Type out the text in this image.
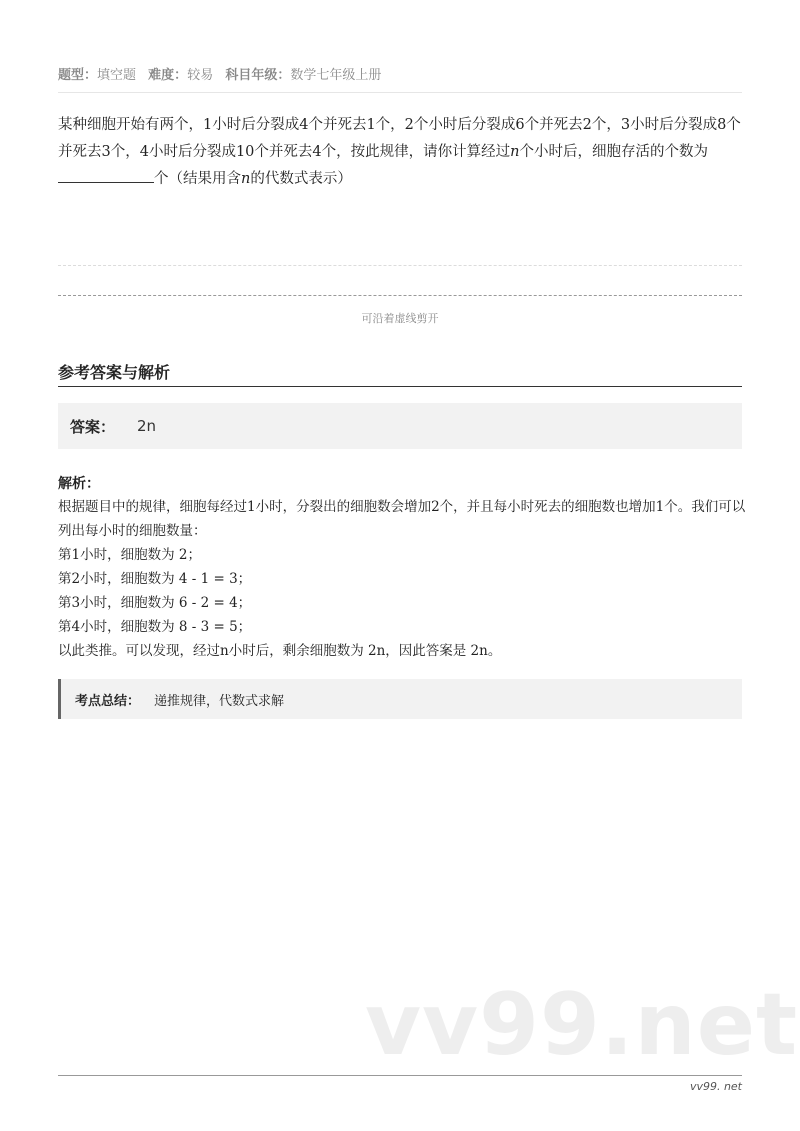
题型：填空题 难度：较易 科目年级：数学七年级上册
某种细胞开始有两个，1小时后分裂成4个并死去1个，2个小时后分裂成6个并死去2个，3小时后分裂成8个并死去3个，4小时后分裂成10个并死去4个，按此规律，请你计算经过n个小时后，细胞存活的个数为个（结果用含n的代数式表示）
可沿着虚线剪开
参考答案与解析
答案： 2n
解析：
根据题目中的规律，细胞每经过1小时，分裂出的细胞数会增加2个，并且每小时死去的细胞数也增加1个。我们可以列出每小时的细胞数量：
第1小时，细胞数为 2；
第2小时，细胞数为 4 - 1 = 3；
第3小时，细胞数为 6 - 2 = 4；
第4小时，细胞数为 8 - 3 = 5；
以此类推。可以发现，经过n小时后，剩余细胞数为 2n，因此答案是 2n。
考点总结： 递推规律，代数式求解
vv99.net
vv99. net
